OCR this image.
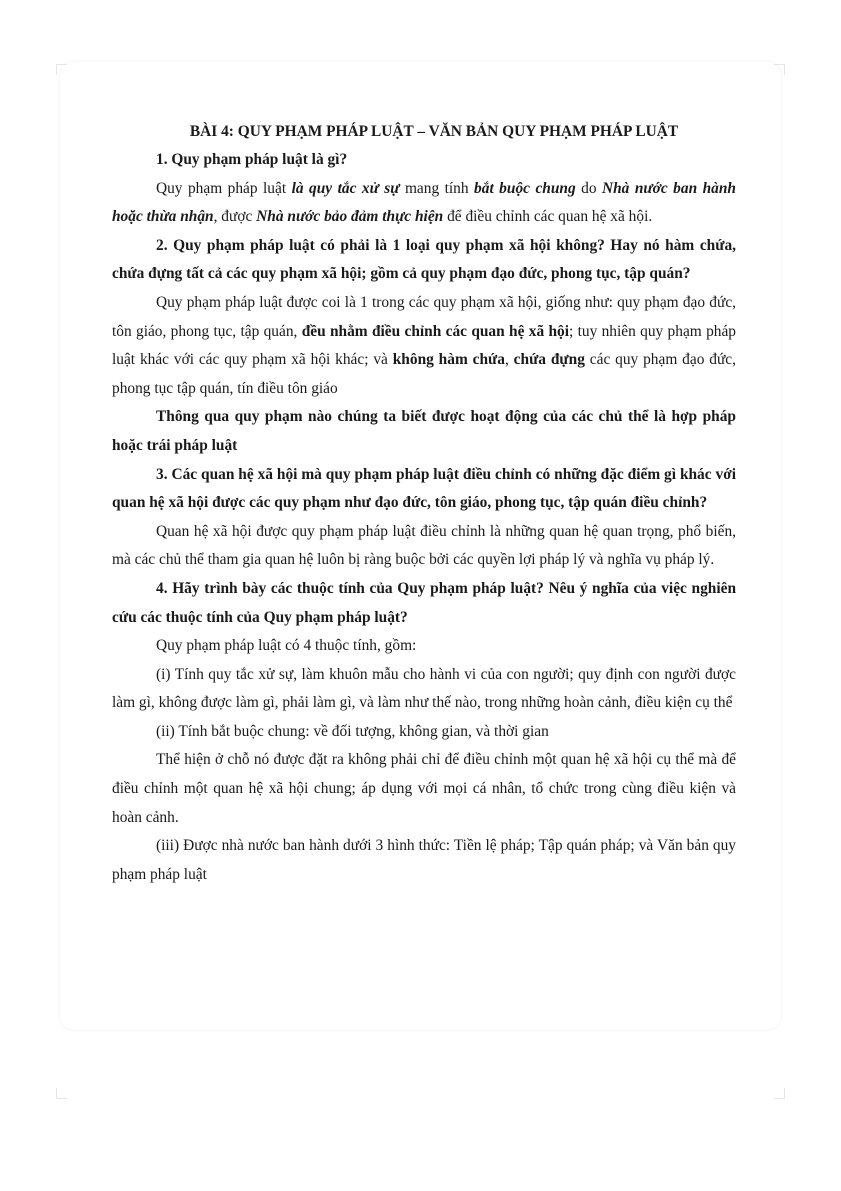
BÀI 4: QUY PHẠM PHÁP LUẬT – VĂN BẢN QUY PHẠM PHÁP LUẬT

1. Quy phạm pháp luật là gì?

Quy phạm pháp luật là quy tắc xử sự mang tính bắt buộc chung do Nhà nước ban hành hoặc thừa nhận, được Nhà nước bảo đảm thực hiện để điều chỉnh các quan hệ xã hội.

2. Quy phạm pháp luật có phải là 1 loại quy phạm xã hội không? Hay nó hàm chứa, chứa đựng tất cả các quy phạm xã hội; gồm cả quy phạm đạo đức, phong tục, tập quán?

Quy phạm pháp luật được coi là 1 trong các quy phạm xã hội, giống như: quy phạm đạo đức, tôn giáo, phong tục, tập quán, đều nhằm điều chỉnh các quan hệ xã hội; tuy nhiên quy phạm pháp luật khác với các quy phạm xã hội khác; và không hàm chứa, chứa đựng các quy phạm đạo đức, phong tục tập quán, tín điều tôn giáo

Thông qua quy phạm nào chúng ta biết được hoạt động của các chủ thể là hợp pháp hoặc trái pháp luật

3. Các quan hệ xã hội mà quy phạm pháp luật điều chỉnh có những đặc điểm gì khác với quan hệ xã hội được các quy phạm như đạo đức, tôn giáo, phong tục, tập quán điều chỉnh?

Quan hệ xã hội được quy phạm pháp luật điều chỉnh là những quan hệ quan trọng, phổ biến, mà các chủ thể tham gia quan hệ luôn bị ràng buộc bởi các quyền lợi pháp lý và nghĩa vụ pháp lý.

4. Hãy trình bày các thuộc tính của Quy phạm pháp luật? Nêu ý nghĩa của việc nghiên cứu các thuộc tính của Quy phạm pháp luật?

Quy phạm pháp luật có 4 thuộc tính, gồm:

(i) Tính quy tắc xử sự, làm khuôn mẫu cho hành vi của con người; quy định con người được làm gì, không được làm gì, phải làm gì, và làm như thế nào, trong những hoàn cảnh, điều kiện cụ thể

(ii) Tính bắt buộc chung: về đối tượng, không gian, và thời gian

Thể hiện ở chỗ nó được đặt ra không phải chỉ để điều chỉnh một quan hệ xã hội cụ thể mà để điều chỉnh một quan hệ xã hội chung; áp dụng với mọi cá nhân, tổ chức trong cùng điều kiện và hoàn cảnh.

(iii) Được nhà nước ban hành dưới 3 hình thức: Tiền lệ pháp; Tập quán pháp; và Văn bản quy phạm pháp luật
